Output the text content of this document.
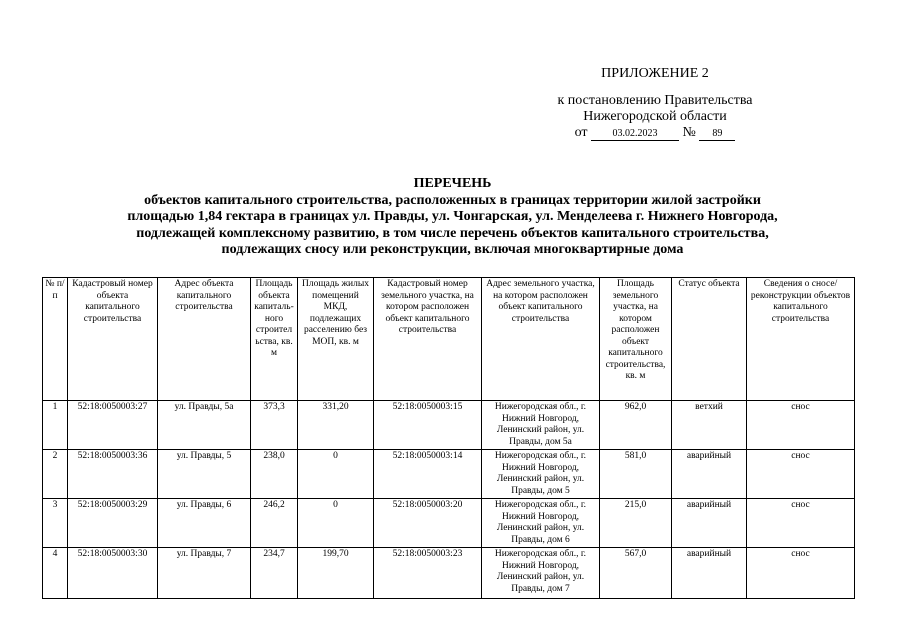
ПРИЛОЖЕНИЕ 2
к постановлению Правительства
Нижегородской области
от	03.02.2023 № 89
ПЕРЕЧЕНЬ
объектов капитального строительства, расположенных в границах территории жилой застройки
площадью 1,84 гектара в границах ул. Правды, ул. Чонгарская, ул. Менделеева г. Нижнего Новгорода,
подлежащей комплексному развитию, в том числе перечень объектов капитального строительства,
подлежащих сносу или реконструкции, включая многоквартирные дома
№ п/п	Кадастровый номер объекта капитального строительства	Адрес объекта капитального строительства	Площадь объекта капиталь-ного строител ьства, кв. м	Площадь жилых помещений МКД, подлежащих расселению без МОП, кв. м	Кадастровый номер земельного участка, на котором расположен объект капитального строительства	Адрес земельного участка, на котором расположен объект капитального строительства	Площадь земельного участка, на котором расположен объект капитального строительства, кв. м	Статус объекта	Сведения о сносе/реконструкции объектов капитального строительства
1	52:18:0050003:27	ул. Правды, 5а	373,3	331,20	52:18:0050003:15	Нижегородская обл., г. Нижний Новгород, Ленинский район, ул. Правды, дом 5а	962,0	ветхий	снос
2	52:18:0050003:36	ул. Правды, 5	238,0	0	52:18:0050003:14	Нижегородская обл., г. Нижний Новгород, Ленинский район, ул. Правды, дом 5	581,0	аварийный	снос
3	52:18:0050003:29	ул. Правды, 6	246,2	0	52:18:0050003:20	Нижегородская обл., г. Нижний Новгород, Ленинский район, ул. Правды, дом 6	215,0	аварийный	снос
4	52:18:0050003:30	ул. Правды, 7	234,7	199,70	52:18:0050003:23	Нижегородская обл., г. Нижний Новгород, Ленинский район, ул. Правды, дом 7	567,0	аварийный	снос
